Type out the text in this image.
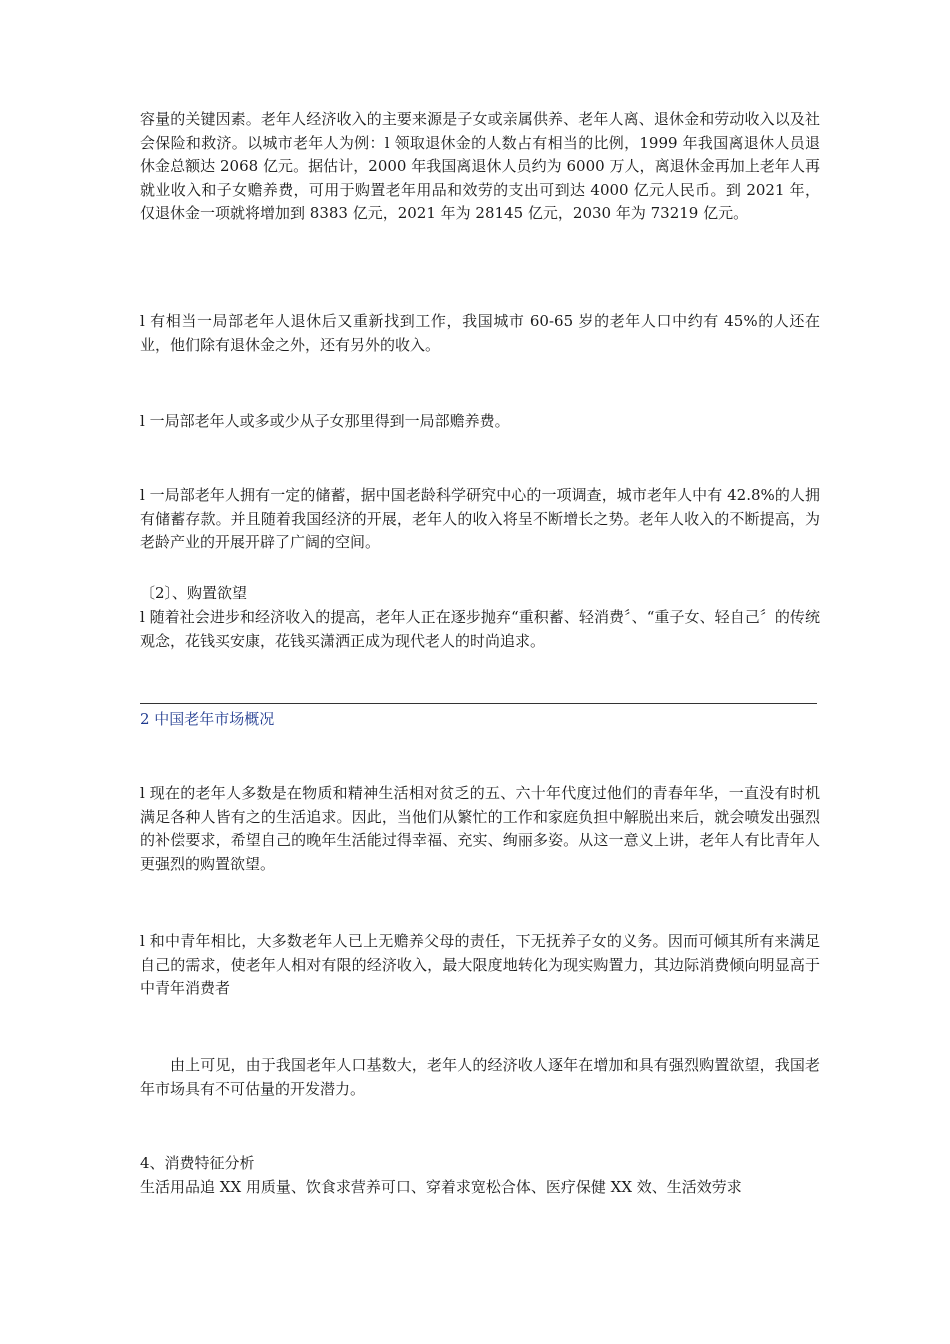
容量的关键因素。老年人经济收入的主要来源是子女或亲属供养、老年人离、退休金和劳动收入以及社会保险和救济。以城市老年人为例：l 领取退休金的人数占有相当的比例，1999 年我国离退休人员退休金总额达 2068 亿元。据估计，2000 年我国离退休人员约为 6000 万人，离退休金再加上老年人再就业收入和子女赡养费，可用于购置老年用品和效劳的支出可到达 4000 亿元人民币。到 2021 年，仅退休金一项就将增加到 8383 亿元，2021 年为 28145 亿元，2030 年为 73219 亿元。

l 有相当一局部老年人退休后又重新找到工作，我国城市 60-65 岁的老年人口中约有 45%的人还在业，他们除有退休金之外，还有另外的收入。

l 一局部老年人或多或少从子女那里得到一局部赡养费。

l 一局部老年人拥有一定的储蓄，据中国老龄科学研究中心的一项调查，城市老年人中有 42.8%的人拥有储蓄存款。并且随着我国经济的开展，老年人的收入将呈不断增长之势。老年人收入的不断提高，为老龄产业的开展开辟了广阔的空间。

〔2〕、购置欲望

l 随着社会进步和经济收入的提高，老年人正在逐步抛弃“重积蓄、轻消费〞、“重子女、轻自己〞的传统观念，花钱买安康，花钱买潇洒正成为现代老人的时尚追求。

2 中国老年市场概况

l 现在的老年人多数是在物质和精神生活相对贫乏的五、六十年代度过他们的青春年华，一直没有时机满足各种人皆有之的生活追求。因此，当他们从繁忙的工作和家庭负担中解脱出来后，就会喷发出强烈的补偿要求，希望自己的晚年生活能过得幸福、充实、绚丽多姿。从这一意义上讲，老年人有比青年人更强烈的购置欲望。

l 和中青年相比，大多数老年人已上无赡养父母的责任，下无抚养子女的义务。因而可倾其所有来满足自己的需求，使老年人相对有限的经济收入，最大限度地转化为现实购置力，其边际消费倾向明显高于中青年消费者

由上可见，由于我国老年人口基数大，老年人的经济收人逐年在增加和具有强烈购置欲望，我国老年市场具有不可估量的开发潜力。

4、消费特征分析

生活用品追 XX 用质量、饮食求营养可口、穿着求宽松合体、医疗保健 XX 效、生活效劳求
